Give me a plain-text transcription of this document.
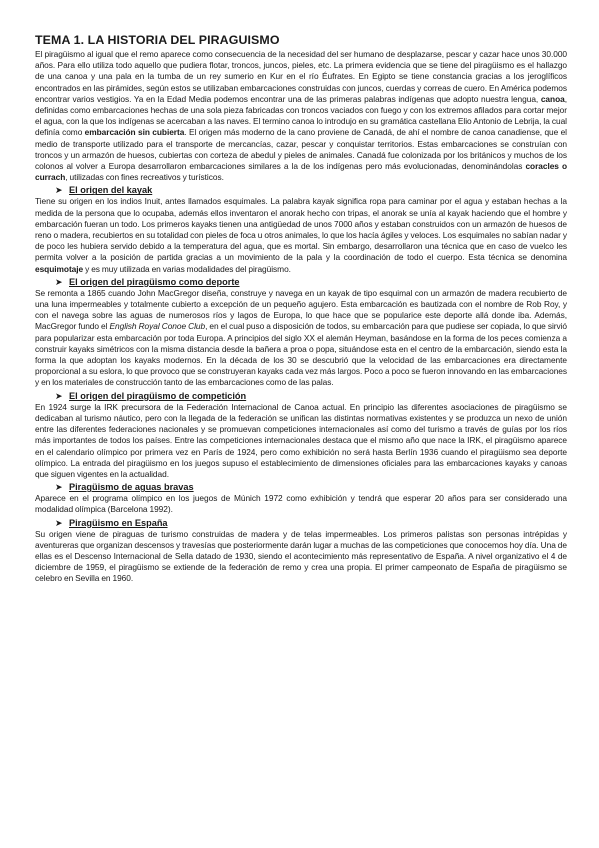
TEMA 1. LA HISTORIA DEL PIRAGUISMO

El piragüismo al igual que el remo aparece como consecuencia de la necesidad del ser humano de desplazarse, pescar y cazar hace unos 30.000 años. Para ello utiliza todo aquello que pudiera flotar, troncos, juncos, pieles, etc. La primera evidencia que se tiene del piragüismo es el hallazgo de una canoa y una pala en la tumba de un rey sumerio en Kur en el río Éufrates. En Egipto se tiene constancia gracias a los jeroglíficos encontrados en las pirámides, según estos se utilizaban embarcaciones construidas con juncos, cuerdas y correas de cuero. En América podemos encontrar varios vestigios. Ya en la Edad Media podemos encontrar una de las primeras palabras indígenas que adopto nuestra lengua, canoa, definidas como embarcaciones hechas de una sola pieza fabricadas con troncos vaciados con fuego y con los extremos afilados para cortar mejor el agua, con la que los indígenas se acercaban a las naves. El termino canoa lo introdujo en su gramática castellana Elio Antonio de Lebrija, la cual definía como embarcación sin cubierta. El origen más moderno de la cano proviene de Canadá, de ahí el nombre de canoa canadiense, que el medio de transporte utilizado para el transporte de mercancías, cazar, pescar y conquistar territorios. Estas embarcaciones se construían con troncos y un armazón de huesos, cubiertas con corteza de abedul y pieles de animales. Canadá fue colonizada por los británicos y muchos de los colonos al volver a Europa desarrollaron embarcaciones similares a la de los indígenas pero más evolucionadas, denominándolas coracles o currach, utilizadas con fines recreativos y turísticos.

➤ El origen del kayak

Tiene su origen en los indios Inuit, antes llamados esquimales. La palabra kayak significa ropa para caminar por el agua y estaban hechas a la medida de la persona que lo ocupaba, además ellos inventaron el anorak hecho con tripas, el anorak se unía al kayak haciendo que el hombre y embarcación fueran un todo. Los primeros kayaks tienen una antigüedad de unos 7000 años y estaban construidos con un armazón de huesos de reno o madera, recubiertos en su totalidad con pieles de foca u otros animales, lo que los hacía ágiles y veloces. Los esquimales no sabían nadar y de poco les hubiera servido debido a la temperatura del agua, que es mortal. Sin embargo, desarrollaron una técnica que en caso de vuelco les permita volver a la posición de partida gracias a un movimiento de la pala y la coordinación de todo el cuerpo. Esta técnica se denomina esquimotaje y es muy utilizada en varias modalidades del piragüismo.

➤ El origen del piragüismo como deporte

Se remonta a 1865 cuando John MacGregor diseña, construye y navega en un kayak de tipo esquimal con un armazón de madera recubierto de una luna impermeables y totalmente cubierto a excepción de un pequeño agujero. Esta embarcación es bautizada con el nombre de Rob Roy, y con el navega sobre las aguas de numerosos ríos y lagos de Europa, lo que hace que se popularice este deporte allá donde iba. Además, MacGregor fundo el English Royal Conoe Club, en el cual puso a disposición de todos, su embarcación para que pudiese ser copiada, lo que sirvió para popularizar esta embarcación por toda Europa. A principios del siglo XX el alemán Heyman, basándose en la forma de los peces comienza a construir kayaks simétricos con la misma distancia desde la bañera a proa o popa, situándose esta en el centro de la embarcación, siendo esta la forma la que adoptan los kayaks modernos. En la década de los 30 se descubrió que la velocidad de las embarcaciones era directamente proporcional a su eslora, lo que provoco que se construyeran kayaks cada vez más largos. Poco a poco se fueron innovando en las embarcaciones y en los materiales de construcción tanto de las embarcaciones como de las palas.

➤ El origen del piragüismo de competición

En 1924 surge la IRK precursora de la Federación Internacional de Canoa actual. En principio las diferentes asociaciones de piragüismo se dedicaban al turismo náutico, pero con la llegada de la federación se unifican las distintas normativas existentes y se produzca un nexo de unión entre las diferentes federaciones nacionales y se promuevan competiciones internacionales así como del turismo a través de guías por los ríos más importantes de todos los países. Entre las competiciones internacionales destaca que el mismo año que nace la IRK, el piragüismo aparece en el calendario olímpico por primera vez en París de 1924, pero como exhibición no será hasta Berlín 1936 cuando el piragüismo sea deporte olímpico. La entrada del piragüismo en los juegos supuso el establecimiento de dimensiones oficiales para las embarcaciones kayaks y canoas que siguen vigentes en la actualidad.

➤ Piragüismo de aguas bravas

Aparece en el programa olímpico en los juegos de Múnich 1972 como exhibición y tendrá que esperar 20 años para ser considerado una modalidad olímpica (Barcelona 1992).

➤ Piragüismo en España

Su origen viene de piraguas de turismo construidas de madera y de telas impermeables. Los primeros palistas son personas intrépidas y aventureras que organizan descensos y travesías que posteriormente darán lugar a muchas de las competiciones que conocemos hoy día. Una de ellas es el Descenso Internacional de Sella datado de 1930, siendo el acontecimiento más representativo de España. A nivel organizativo el 4 de diciembre de 1959, el piragüismo se extiende de la federación de remo y crea una propia. El primer campeonato de España de piragüismo se celebro en Sevilla en 1960.
